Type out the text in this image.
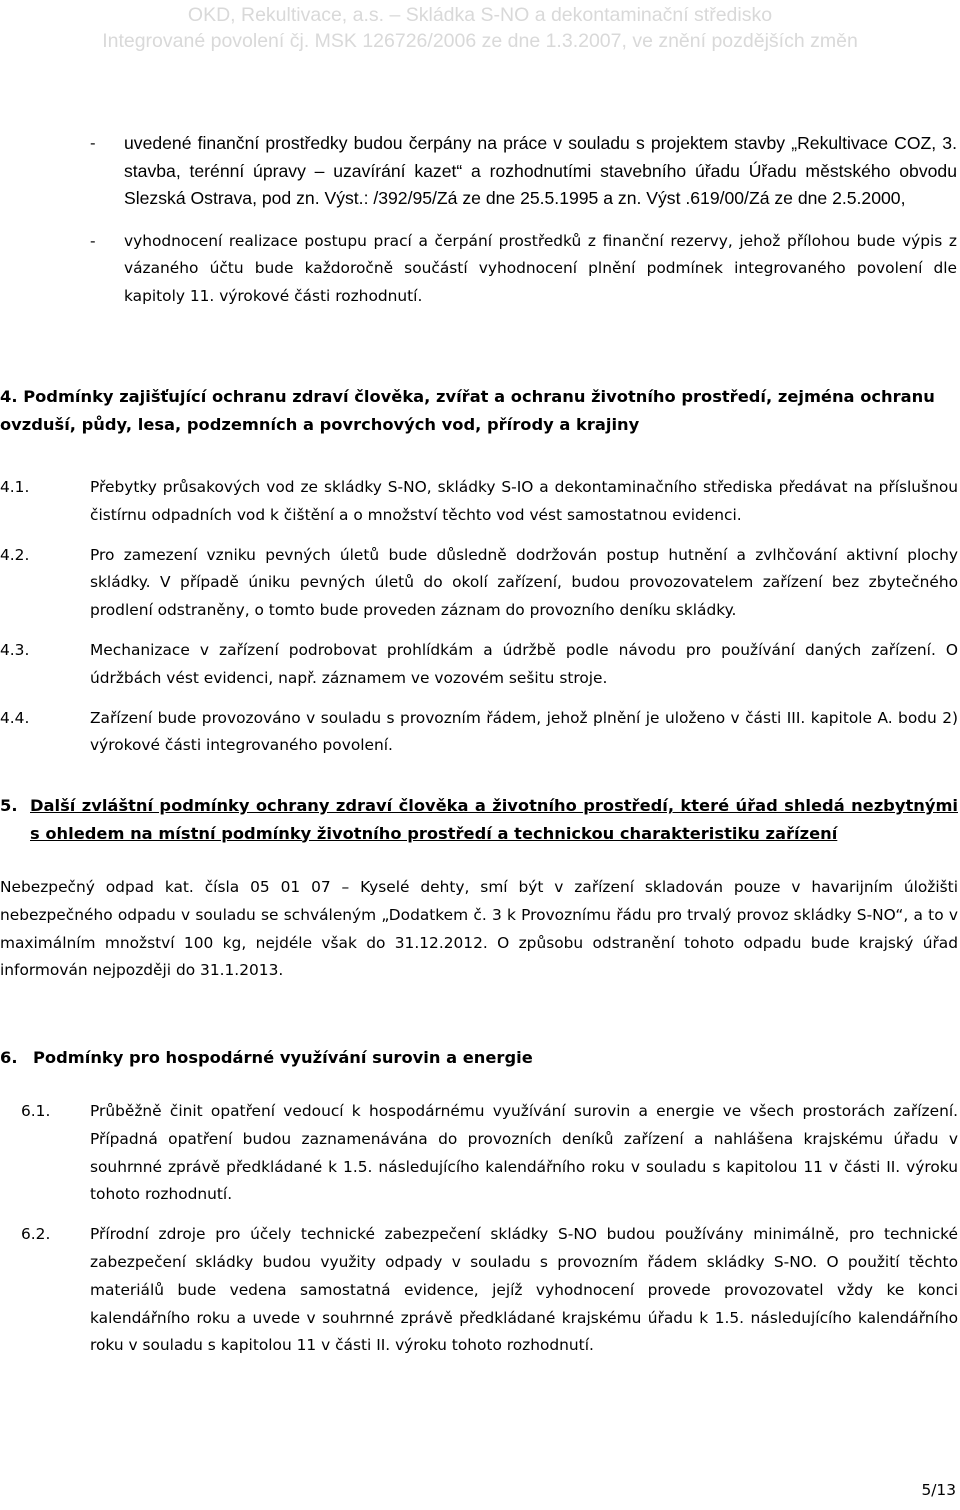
OKD, Rekultivace, a.s. – Skládka S-NO a dekontaminační středisko
Integrované povolení čj. MSK 126726/2006 ze dne 1.3.2007, ve znění pozdějších změn
- uvedené finanční prostředky budou čerpány na práce v souladu s projektem stavby „Rekultivace COZ, 3. stavba, terénní úpravy – uzavírání kazet“ a rozhodnutími stavebního úřadu Úřadu městského obvodu Slezská Ostrava, pod zn. Výst.: /392/95/Zá ze dne 25.5.1995 a zn. Výst .619/00/Zá ze dne 2.5.2000,
- vyhodnocení realizace postupu prací a čerpání prostředků z finanční rezervy, jehož přílohou bude výpis z vázaného účtu bude každoročně součástí vyhodnocení plnění podmínek integrovaného povolení dle kapitoly 11. výrokové části rozhodnutí.
4. Podmínky zajišťující ochranu zdraví člověka, zvířat a ochranu životního prostředí, zejména ochranu ovzduší, půdy, lesa, podzemních a povrchových vod, přírody a krajiny
4.1.	Přebytky průsakových vod ze skládky S-NO, skládky S-IO a dekontaminačního střediska předávat na příslušnou čistírnu odpadních vod k čištění a o množství těchto vod vést samostatnou evidenci.
4.2.	Pro zamezení vzniku pevných úletů bude důsledně dodržován postup hutnění a zvlhčování aktivní plochy skládky. V případě úniku pevných úletů do okolí zařízení, budou provozovatelem zařízení bez zbytečného prodlení odstraněny, o tomto bude proveden záznam do provozního deníku skládky.
4.3.	Mechanizace v zařízení podrobovat prohlídkám a údržbě podle návodu pro používání daných zařízení. O údržbách vést evidenci, např. záznamem ve vozovém sešitu stroje.
4.4.	Zařízení bude provozováno v souladu s provozním řádem, jehož plnění je uloženo v části III. kapitole A. bodu 2) výrokové části integrovaného povolení.
5. Další zvláštní podmínky ochrany zdraví člověka a životního prostředí, které úřad shledá nezbytnými s ohledem na místní podmínky životního prostředí a technickou charakteristiku zařízení
Nebezpečný odpad kat. čísla 05 01 07 – Kyselé dehty, smí být v zařízení skladován pouze v havarijním úložišti nebezpečného odpadu v souladu se schváleným „Dodatkem č. 3 k Provoznímu řádu pro trvalý provoz skládky S-NO“, a to v maximálním množství 100 kg, nejdéle však do 31.12.2012. O způsobu odstranění tohoto odpadu bude krajský úřad informován nejpozději do 31.1.2013.
6. Podmínky pro hospodárné využívání surovin a energie
6.1.	Průběžně činit opatření vedoucí k hospodárnému využívání surovin a energie ve všech prostorách zařízení. Případná opatření budou zaznamenávána do provozních deníků zařízení a nahlášena krajskému úřadu v souhrnné zprávě předkládané k 1.5. následujícího kalendářního roku v souladu s kapitolou 11 v části II. výroku tohoto rozhodnutí.
6.2.	Přírodní zdroje pro účely technické zabezpečení skládky S-NO budou používány minimálně, pro technické zabezpečení skládky budou využity odpady v souladu s provozním řádem skládky S-NO. O použití těchto materiálů bude vedena samostatná evidence, jejíž vyhodnocení provede provozovatel vždy ke konci kalendářního roku a uvede v souhrnné zprávě předkládané krajskému úřadu k 1.5. následujícího kalendářního roku v souladu s kapitolou 11 v části II. výroku tohoto rozhodnutí.
5/13
